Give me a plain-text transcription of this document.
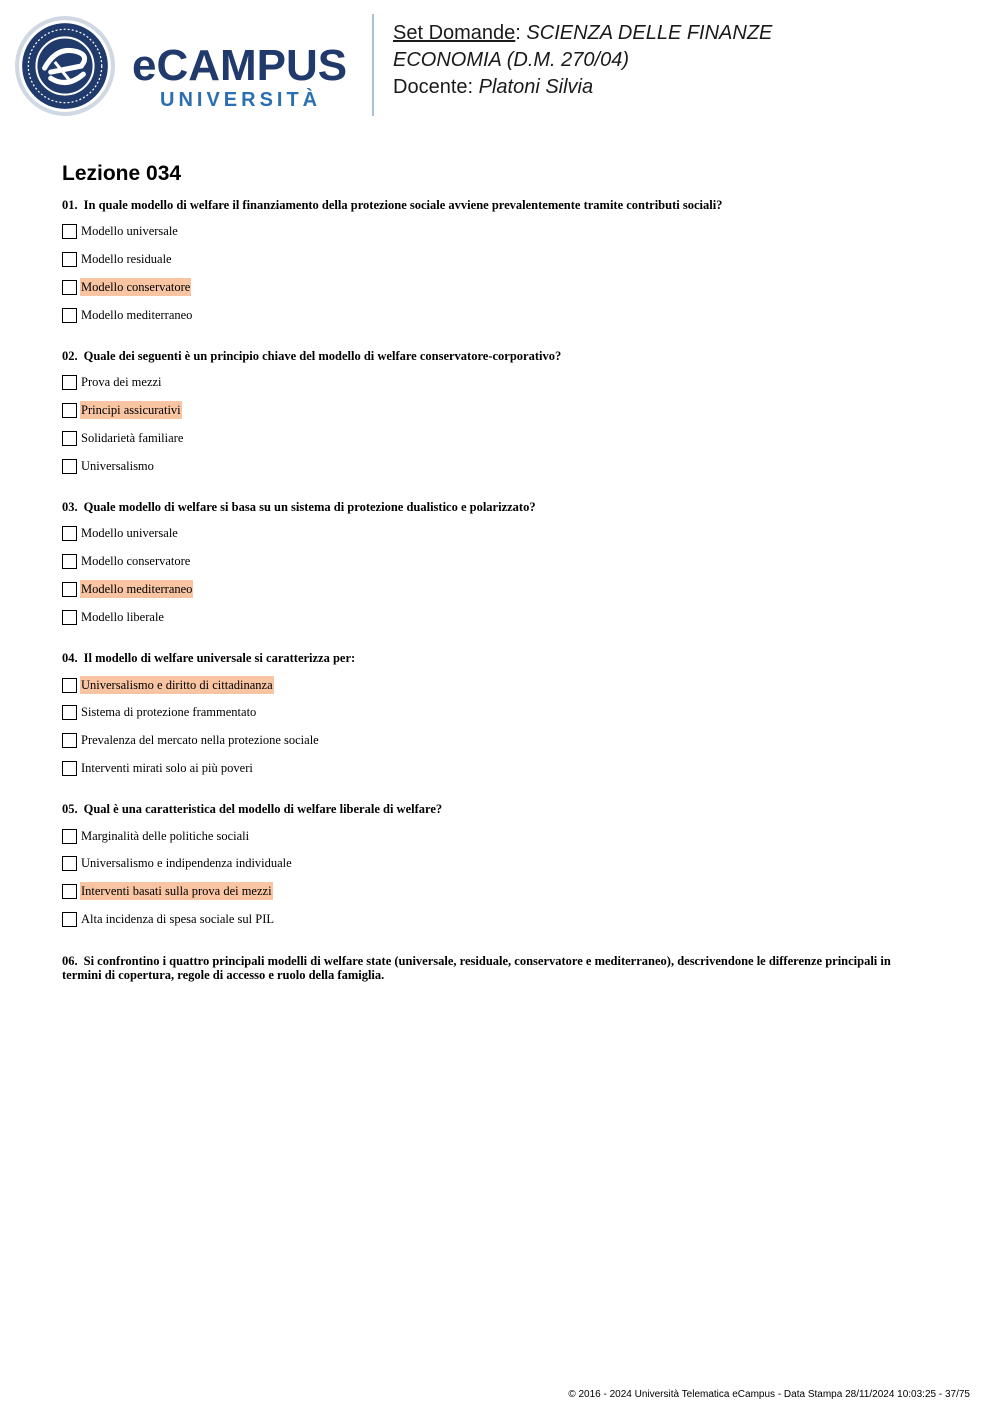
eCAMPUS
UNIVERSITÀ
Set Domande: SCIENZA DELLE FINANZE
ECONOMIA (D.M. 270/04)
Docente: Platoni Silvia
Lezione 034
01. In quale modello di welfare il finanziamento della protezione sociale avviene prevalentemente tramite contributi sociali?
Modello universale
Modello residuale
Modello conservatore
Modello mediterraneo
02. Quale dei seguenti è un principio chiave del modello di welfare conservatore-corporativo?
Prova dei mezzi
Principi assicurativi
Solidarietà familiare
Universalismo
03. Quale modello di welfare si basa su un sistema di protezione dualistico e polarizzato?
Modello universale
Modello conservatore
Modello mediterraneo
Modello liberale
04. Il modello di welfare universale si caratterizza per:
Universalismo e diritto di cittadinanza
Sistema di protezione frammentato
Prevalenza del mercato nella protezione sociale
Interventi mirati solo ai più poveri
05. Qual è una caratteristica del modello di welfare liberale di welfare?
Marginalità delle politiche sociali
Universalismo e indipendenza individuale
Interventi basati sulla prova dei mezzi
Alta incidenza di spesa sociale sul PIL
06. Si confrontino i quattro principali modelli di welfare state (universale, residuale, conservatore e mediterraneo), descrivendone le differenze principali in termini di copertura, regole di accesso e ruolo della famiglia.
© 2016 - 2024 Università Telematica eCampus - Data Stampa 28/11/2024 10:03:25 - 37/75
